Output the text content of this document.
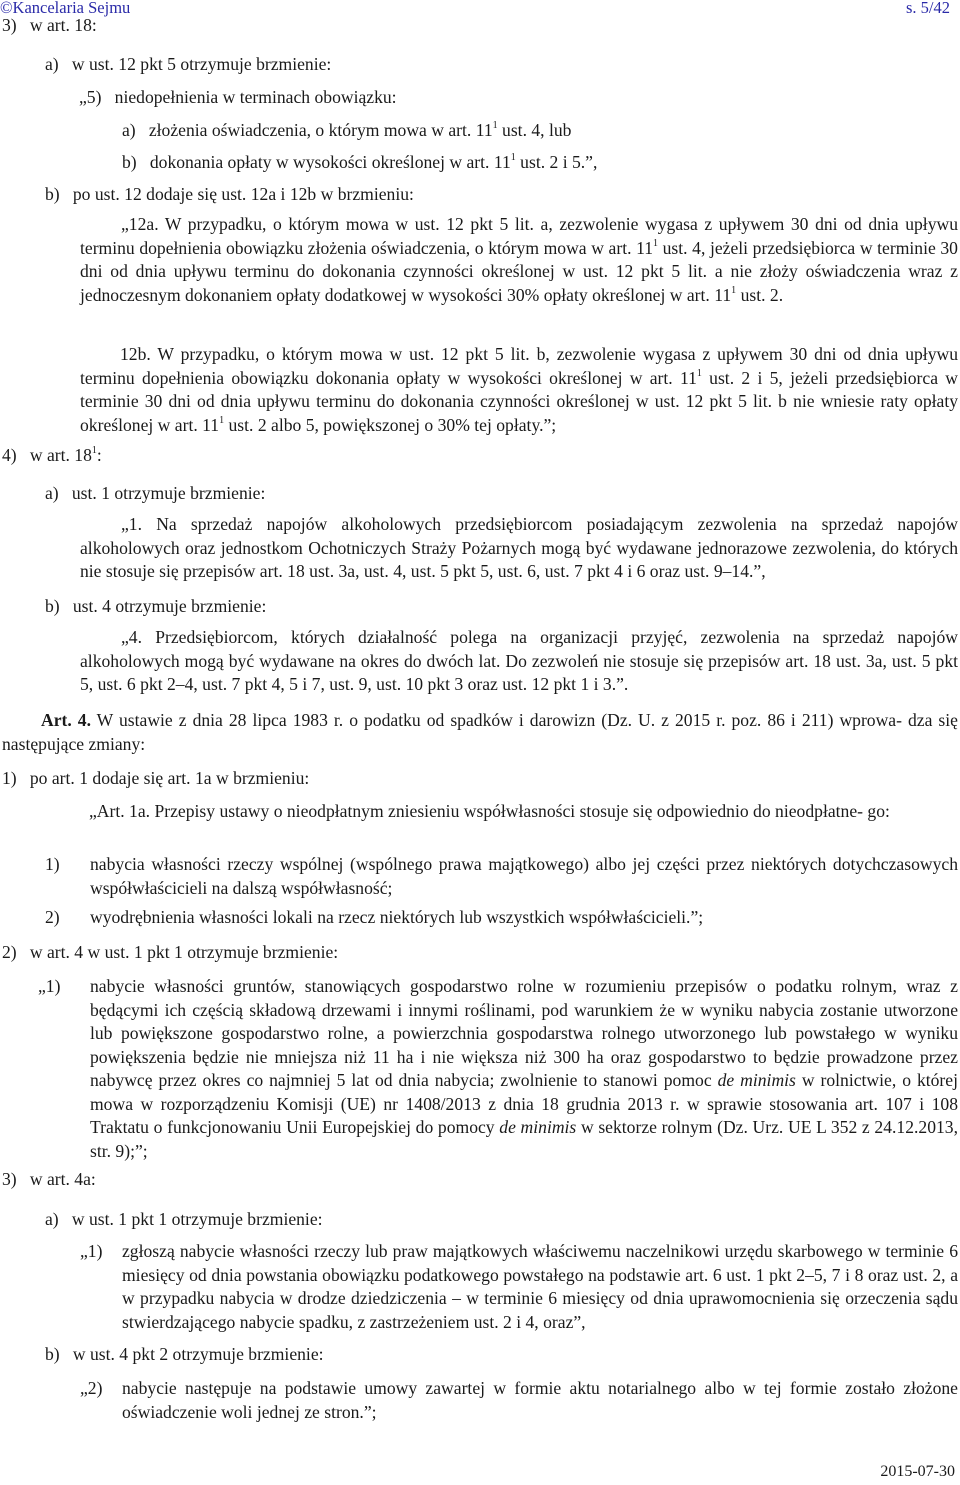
©Kancelaria Sejmu	s. 5/42
3)   w art. 18:
a)   w ust. 12 pkt 5 otrzymuje brzmienie:
„5)   niedopełnienia w terminach obowiązku:
a)   złożenia oświadczenia, o którym mowa w art. $11^1$ ust. 4, lub
b)   dokonania opłaty w wysokości określonej w art. $11^1$ ust. 2 i 5.”,
b)   po ust. 12 dodaje się ust. 12a i 12b w brzmieniu:
„12a. W przypadku, o którym mowa w ust. 12 pkt 5 lit. a, zezwolenie wygasa z upływem 30 dni od dnia upływu terminu dopełnienia obowiązku złożenia oświadczenia, o którym mowa w art. $11^1$ ust. 4, jeżeli przedsiębiorca w terminie 30 dni od dnia upływu terminu do dokonania czynności określonej w ust. 12 pkt 5 lit. a nie złoży oświadczenia wraz z jednoczesnym dokonaniem opłaty dodatkowej w wysokości 30% opłaty określonej w art. $11^1$ ust. 2.
12b. W przypadku, o którym mowa w ust. 12 pkt 5 lit. b, zezwolenie wygasa z upływem 30 dni od dnia upływu terminu dopełnienia obowiązku dokonania opłaty w wysokości określonej w art. $11^1$ ust. 2 i 5, jeżeli przedsiębiorca w terminie 30 dni od dnia upływu terminu do dokonania czynności określonej w ust. 12 pkt 5 lit. b nie wniesie raty opłaty określonej w art. $11^1$ ust. 2 albo 5, powiększonej o 30% tej opłaty.”;
4)   w art. $18^1$:
a)   ust. 1 otrzymuje brzmienie:
„1. Na sprzedaż napojów alkoholowych przedsiębiorcom posiadającym zezwolenia na sprzedaż napojów alkoholowych oraz jednostkom Ochotniczych Straży Pożarnych mogą być wydawane jednorazowe zezwolenia, do których nie stosuje się przepisów art. 18 ust. 3a, ust. 4, ust. 5 pkt 5, ust. 6, ust. 7 pkt 4 i 6 oraz ust. 9–14.”,
b)   ust. 4 otrzymuje brzmienie:
„4. Przedsiębiorcom, których działalność polega na organizacji przyjęć, zezwolenia na sprzedaż napojów alkoholowych mogą być wydawane na okres do dwóch lat. Do zezwoleń nie stosuje się przepisów art. 18 ust. 3a, ust. 5 pkt 5, ust. 6 pkt 2–4, ust. 7 pkt 4, 5 i 7, ust. 9, ust. 10 pkt 3 oraz ust. 12 pkt 1 i 3.”.
Art. 4. W ustawie z dnia 28 lipca 1983 r. o podatku od spadków i darowizn (Dz. U. z 2015 r. poz. 86 i 211) wprowa- dza się następujące zmiany:
1)   po art. 1 dodaje się art. 1a w brzmieniu:
„Art. 1a. Przepisy ustawy o nieodpłatnym zniesieniu współwłasności stosuje się odpowiednio do nieodpłatne- go:
1)	nabycia własności rzeczy wspólnej (wspólnego prawa majątkowego) albo jej części przez niektórych dotychczasowych współwłaścicieli na dalszą współwłasność;
2)	wyodrębnienia własności lokali na rzecz niektórych lub wszystkich współwłaścicieli.”;
2)   w art. 4 w ust. 1 pkt 1 otrzymuje brzmienie:
„1)	nabycie własności gruntów, stanowiących gospodarstwo rolne w rozumieniu przepisów o podatku rolnym, wraz z będącymi ich częścią składową drzewami i innymi roślinami, pod warunkiem że w wyniku nabycia zostanie utworzone lub powiększone gospodarstwo rolne, a powierzchnia gospodarstwa rolnego utworzonego lub powstałego w wyniku powiększenia będzie nie mniejsza niż 11 ha i nie większa niż 300 ha oraz gospodarstwo to będzie prowadzone przez nabywcę przez okres co najmniej 5 lat od dnia nabycia; zwolnienie to stanowi pomoc de minimis w rolnictwie, o której mowa w rozporządzeniu Komisji (UE) nr 1408/2013 z dnia 18 grudnia 2013 r. w sprawie stosowania art. 107 i 108 Traktatu o funkcjonowaniu Unii Europejskiej do pomocy de minimis w sektorze rolnym (Dz. Urz. UE L 352 z 24.12.2013, str. 9);”;
3)   w art. 4a:
a)   w ust. 1 pkt 1 otrzymuje brzmienie:
„1)	zgłoszą nabycie własności rzeczy lub praw majątkowych właściwemu naczelnikowi urzędu skarbowego w terminie 6 miesięcy od dnia powstania obowiązku podatkowego powstałego na podstawie art. 6 ust. 1 pkt 2–5, 7 i 8 oraz ust. 2, a w przypadku nabycia w drodze dziedziczenia – w terminie 6 miesięcy od dnia uprawomocnienia się orzeczenia sądu stwierdzającego nabycie spadku, z zastrzeżeniem ust. 2 i 4, oraz”,
b)   w ust. 4 pkt 2 otrzymuje brzmienie:
„2)	nabycie następuje na podstawie umowy zawartej w formie aktu notarialnego albo w tej formie zostało złożone oświadczenie woli jednej ze stron.”;
2015-07-30
